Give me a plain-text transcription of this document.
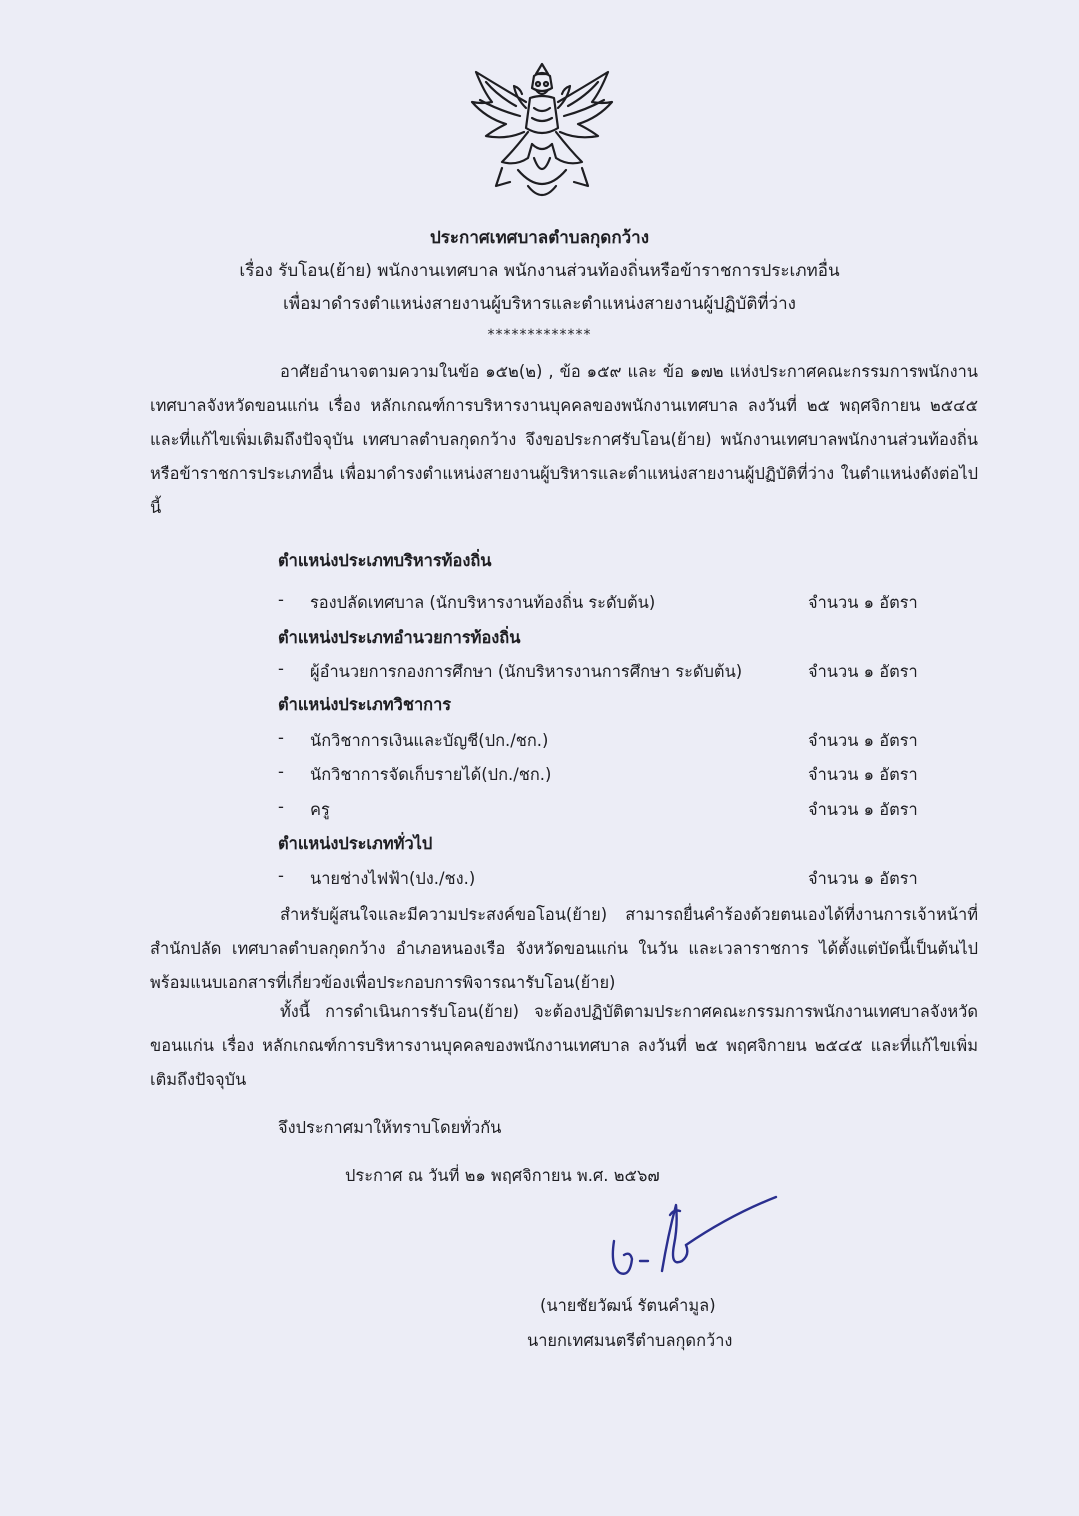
ประกาศเทศบาลตำบลกุดกว้าง
เรื่อง รับโอน(ย้าย) พนักงานเทศบาล พนักงานส่วนท้องถิ่นหรือข้าราชการประเภทอื่น
เพื่อมาดำรงตำแหน่งสายงานผู้บริหารและตำแหน่งสายงานผู้ปฏิบัติที่ว่าง
*************
อาศัยอำนาจตามความในข้อ ๑๕๒(๒) , ข้อ ๑๕๙ และ ข้อ ๑๗๒ แห่งประกาศคณะกรรมการพนักงานเทศบาลจังหวัดขอนแก่น เรื่อง หลักเกณฑ์การบริหารงานบุคคลของพนักงานเทศบาล ลงวันที่ ๒๕ พฤศจิกายน ๒๕๔๕ และที่แก้ไขเพิ่มเติมถึงปัจจุบัน เทศบาลตำบลกุดกว้าง จึงขอประกาศรับโอน(ย้าย) พนักงานเทศบาลพนักงานส่วนท้องถิ่นหรือข้าราชการประเภทอื่น เพื่อมาดำรงตำแหน่งสายงานผู้บริหารและตำแหน่งสายงานผู้ปฏิบัติที่ว่าง ในตำแหน่งดังต่อไปนี้
ตำแหน่งประเภทบริหารท้องถิ่น
- รองปลัดเทศบาล (นักบริหารงานท้องถิ่น ระดับต้น)	จำนวน ๑ อัตรา
ตำแหน่งประเภทอำนวยการท้องถิ่น
- ผู้อำนวยการกองการศึกษา (นักบริหารงานการศึกษา ระดับต้น)	จำนวน ๑ อัตรา
ตำแหน่งประเภทวิชาการ
- นักวิชาการเงินและบัญชี(ปก./ชก.)	จำนวน ๑ อัตรา
- นักวิชาการจัดเก็บรายได้(ปก./ชก.)	จำนวน ๑ อัตรา
- ครู	จำนวน ๑ อัตรา
ตำแหน่งประเภททั่วไป
- นายช่างไฟฟ้า(ปง./ชง.)	จำนวน ๑ อัตรา
สำหรับผู้สนใจและมีความประสงค์ขอโอน(ย้าย) สามารถยื่นคำร้องด้วยตนเองได้ที่งานการเจ้าหน้าที่ สำนักปลัด เทศบาลตำบลกุดกว้าง อำเภอหนองเรือ จังหวัดขอนแก่น ในวัน และเวลาราชการ ได้ตั้งแต่บัดนี้เป็นต้นไป พร้อมแนบเอกสารที่เกี่ยวข้องเพื่อประกอบการพิจารณารับโอน(ย้าย)
ทั้งนี้ การดำเนินการรับโอน(ย้าย) จะต้องปฏิบัติตามประกาศคณะกรรมการพนักงานเทศบาลจังหวัดขอนแก่น เรื่อง หลักเกณฑ์การบริหารงานบุคคลของพนักงานเทศบาล ลงวันที่ ๒๕ พฤศจิกายน ๒๕๔๕ และที่แก้ไขเพิ่มเติมถึงปัจจุบัน
จึงประกาศมาให้ทราบโดยทั่วกัน
ประกาศ ณ วันที่ ๒๑ พฤศจิกายน พ.ศ. ๒๕๖๗
(นายชัยวัฒน์ รัตนคำมูล)
นายกเทศมนตรีตำบลกุดกว้าง
